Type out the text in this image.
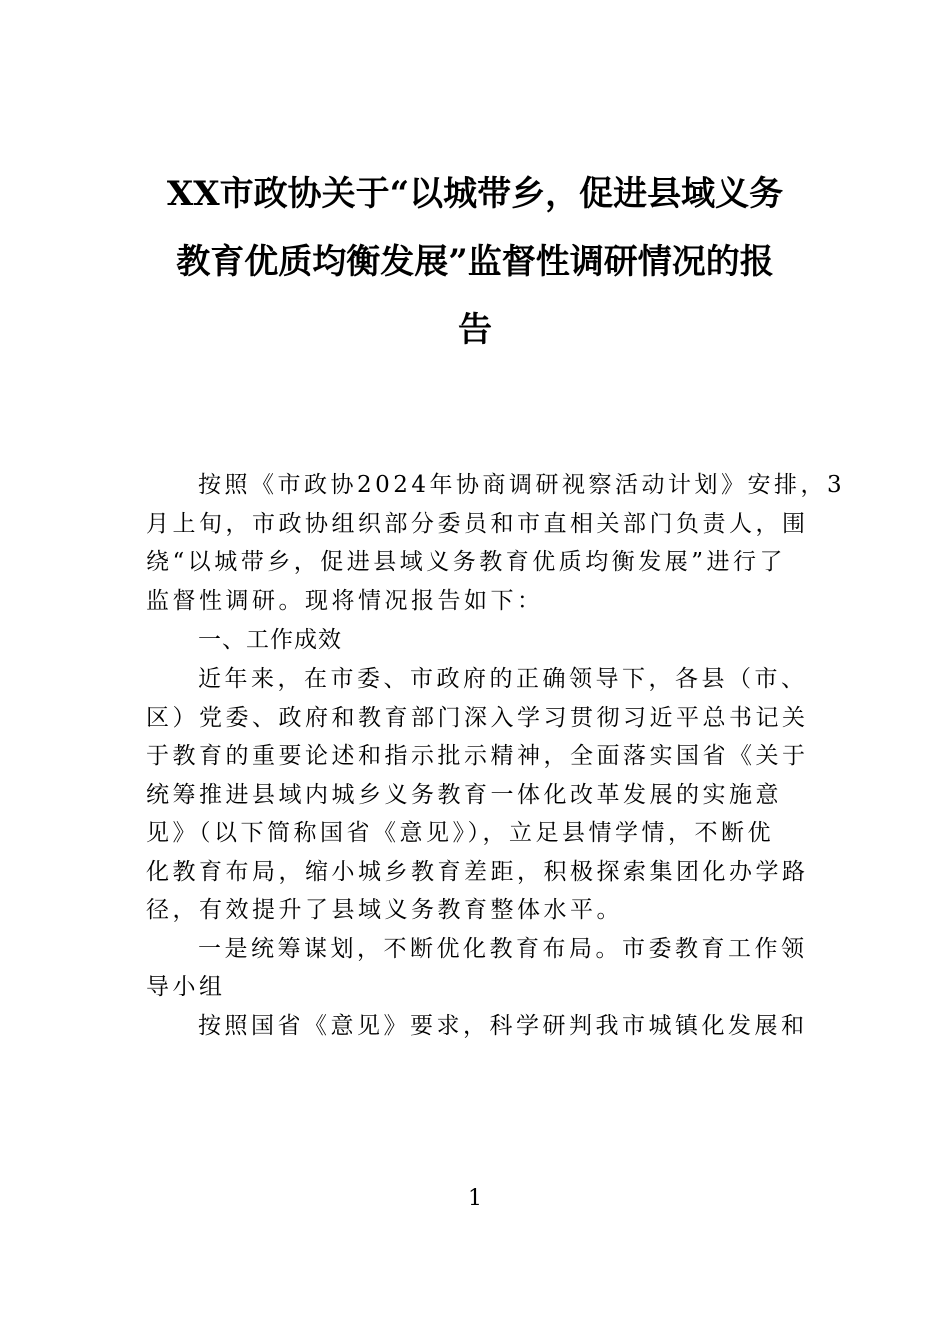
XX市政协关于“以城带乡，促进县域义务
教育优质均衡发展”监督性调研情况的报
告

按照《市政协2024年协商调研视察活动计划》安排，3
月上旬，市政协组织部分委员和市直相关部门负责人，围
绕“以城带乡，促进县域义务教育优质均衡发展”进行了
监督性调研。现将情况报告如下：

一、工作成效

近年来，在市委、市政府的正确领导下，各县（市、
区）党委、政府和教育部门深入学习贯彻习近平总书记关
于教育的重要论述和指示批示精神，全面落实国省《关于
统筹推进县域内城乡义务教育一体化改革发展的实施意
见》（以下简称国省《意见》），立足县情学情，不断优
化教育布局，缩小城乡教育差距，积极探索集团化办学路
径，有效提升了县域义务教育整体水平。

一是统筹谋划，不断优化教育布局。市委教育工作领
导小组

按照国省《意见》要求，科学研判我市城镇化发展和

1
